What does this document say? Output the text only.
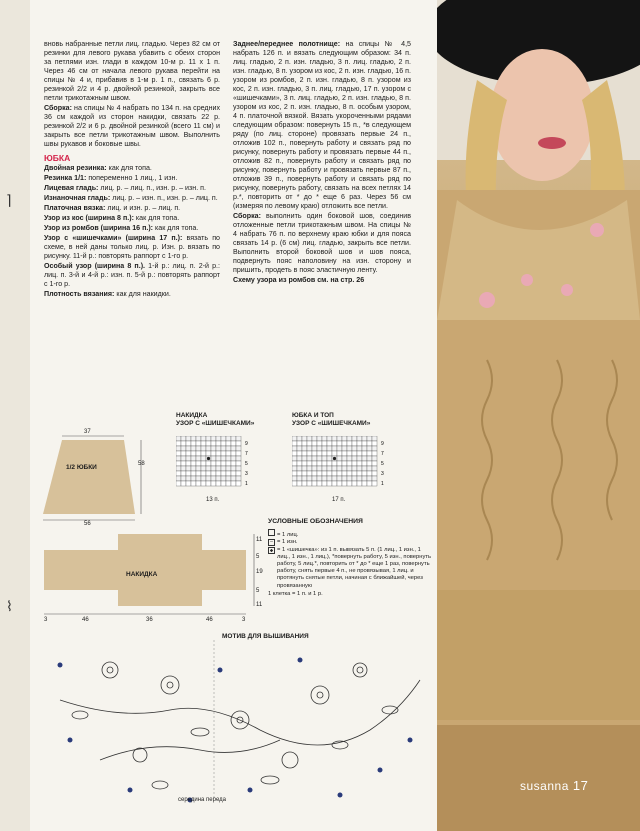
⌉
⌇

вновь набранные петли лиц. гладью. Через 82 см от резинки для левого рукава убавить с обеих сторон за петлями изн. глади в каждом 10-м р. 11 х 1 п. Через 46 см от начала левого рукава перейти на спицы № 4 и, прибавив в 1-м р. 1 п., связать 6 р. резинкой 2/2 и 4 р. двойной резинкой, закрыть все петли трикотажным швом.

Сборка: на спицы № 4 набрать по 134 п. на средних 36 см каждой из сторон накидки, связать 22 р. резинкой 2/2 и 6 р. двойной резинкой (всего 11 см) и закрыть все петли трикотажным швом. Выполнить швы рукавов и боковые швы.

ЮБКА

Двойная резинка: как для топа.

Резинка 1/1: попеременно 1 лиц., 1 изн.

Лицевая гладь: лиц. р. – лиц. п., изн. р. – изн. п.

Изнаночная гладь: лиц. р. – изн. п., изн. р. – лиц. п.

Платочная вязка: лиц. и изн. р. – лиц. п.

Узор из кос (ширина 8 п.): как для топа.

Узор из ромбов (ширина 16 п.): как для топа.

Узор с «шишечками» (ширина 17 п.): вязать по схеме, в ней даны только лиц. р. Изн. р. вязать по рисунку. 11-й р.: повторять раппорт с 1-го р.

Особый узор (ширина 8 п.). 1-й р.: лиц. п. 2-й р.: лиц. п. 3-й и 4-й р.: изн. п. 5-й р.: повторять раппорт с 1-го р.

Плотность вязания: как для накидки.

Заднее/переднее полотнище: на спицы № 4,5 набрать 126 п. и вязать следующим образом: 34 п. лиц. гладью, 2 п. изн. гладью, 3 п. лиц. гладью, 2 п. изн. гладью, 8 п. узором из кос, 2 п. изн. гладью, 16 п. узором из ромбов, 2 п. изн. гладью, 8 п. узором из кос, 2 п. изн. гладью, 3 п. лиц. гладью, 17 п. узором с «шишечками», 3 п. лиц. гладью, 2 п. изн. гладью, 8 п. узором из кос, 2 п. изн. гладью, 8 п. особым узором, 4 п. платочной вязкой. Вязать укороченными рядами следующим образом: повернуть 15 п., *в следующем ряду (по лиц. стороне) провязать первые 24 п., отложив 102 п., повернуть работу и связать ряд по рисунку, повернуть работу и провязать первые 44 п., отложив 82 п., повернуть работу и связать ряд по рисунку, повернуть работу и провязать первые 87 п., отложив 39 п., повернуть работу и связать ряд по рисунку, повернуть работу, связать на всех петлях 14 р.*, повторить от * до * еще 6 раз. Через 56 см (измеряя по левому краю) отложить все петли.

Сборка: выполнить один боковой шов, соединив отложенные петли трикотажным швом. На спицы № 4 набрать 76 п. по верхнему краю юбки и для пояса связать 14 р. (6 см) лиц. гладью, закрыть все петли. Выполнить второй боковой шов и шов пояса, подвернуть пояс наполовину на изн. сторону и пришить, продеть в пояс эластичную ленту.

Схему узора из ромбов см. на стр. 26

1/2 ЮБКИ
37
56
58
НАКИДКА
УЗОР С «ШИШЕЧКАМИ»
9
7
5
3
1
13 п.
ЮБКА И ТОП
УЗОР С «ШИШЕЧКАМИ»
9
7
5
3
1
17 п.
НАКИДКА
3	46	36	46	3
11
5
19
5
11
УСЛОВНЫЕ ОБОЗНАЧЕНИЯ
= 1 лиц.
– = 1 изн.
= 1 «шишечка»: из 1 п. вывязать 5 п. (1 лиц., 1 изн., 1 лиц., 1 изн., 1 лиц.), *повернуть работу, 5 изн., повернуть работу, 5 лиц.*, повторить от * до * еще 1 раз, повернуть работу, снять первые 4 п., не провязывая, 1 лиц. и протянуть снятые петли, начиная с ближайшей, через провязанную
1 клетка = 1 п. и 1 р.
МОТИВ ДЛЯ ВЫШИВАНИЯ
середина переда
susanna 17
